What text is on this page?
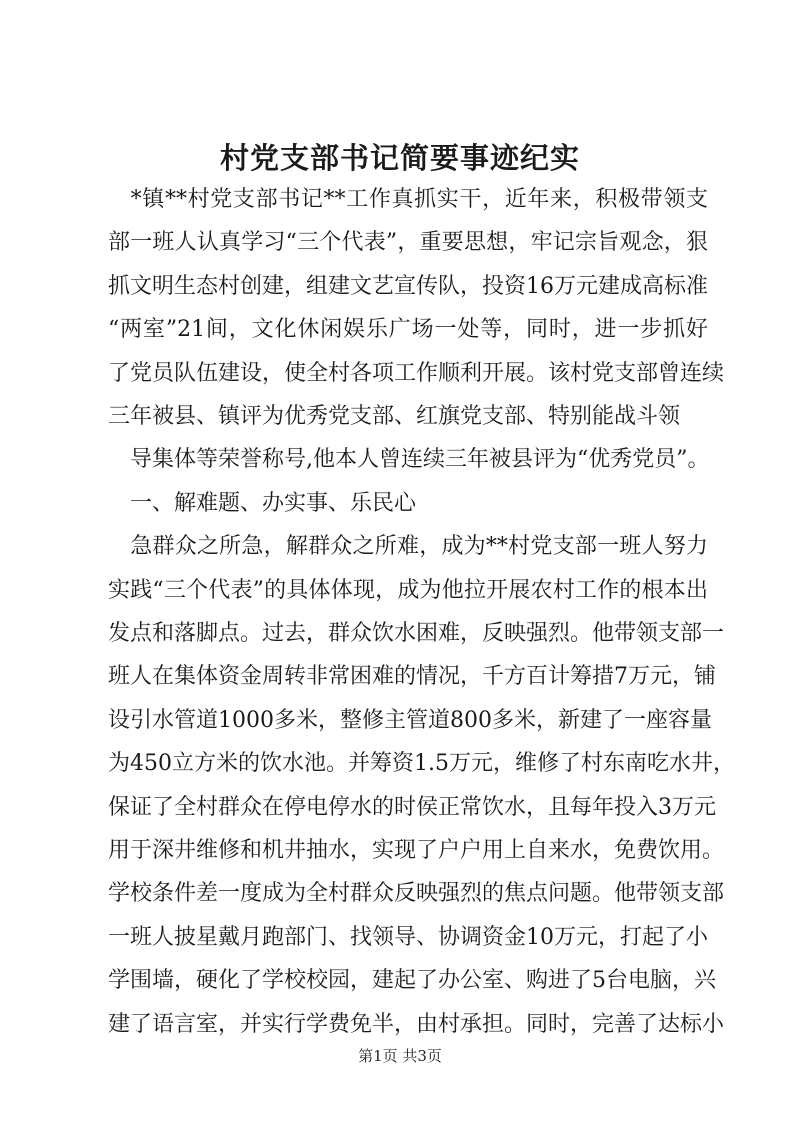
村党支部书记简要事迹纪实
　*镇**村党支部书记**工作真抓实干，近年来，积极带领支
部一班人认真学习“三个代表”，重要思想，牢记宗旨观念，狠
抓文明生态村创建，组建文艺宣传队，投资16万元建成高标准
“两室”21间，文化休闲娱乐广场一处等，同时，进一步抓好
了党员队伍建设，使全村各项工作顺利开展。该村党支部曾连续
三年被县、镇评为优秀党支部、红旗党支部、特别能战斗领
　导集体等荣誉称号,他本人曾连续三年被县评为“优秀党员”。
　一、解难题、办实事、乐民心
　急群众之所急，解群众之所难，成为**村党支部一班人努力
实践“三个代表”的具体体现，成为他拉开展农村工作的根本出
发点和落脚点。过去，群众饮水困难，反映强烈。他带领支部一
班人在集体资金周转非常困难的情况，千方百计筹措7万元，铺
设引水管道1000多米，整修主管道800多米，新建了一座容量
为450立方米的饮水池。并筹资1.5万元，维修了村东南吃水井，
保证了全村群众在停电停水的时侯正常饮水，且每年投入3万元
用于深井维修和机井抽水，实现了户户用上自来水，免费饮用。
学校条件差一度成为全村群众反映强烈的焦点问题。他带领支部
一班人披星戴月跑部门、找领导、协调资金10万元，打起了小
学围墙，硬化了学校校园，建起了办公室、购进了5台电脑，兴
建了语言室，并实行学费免半，由村承担。同时，完善了达标小
第1页 共3页
